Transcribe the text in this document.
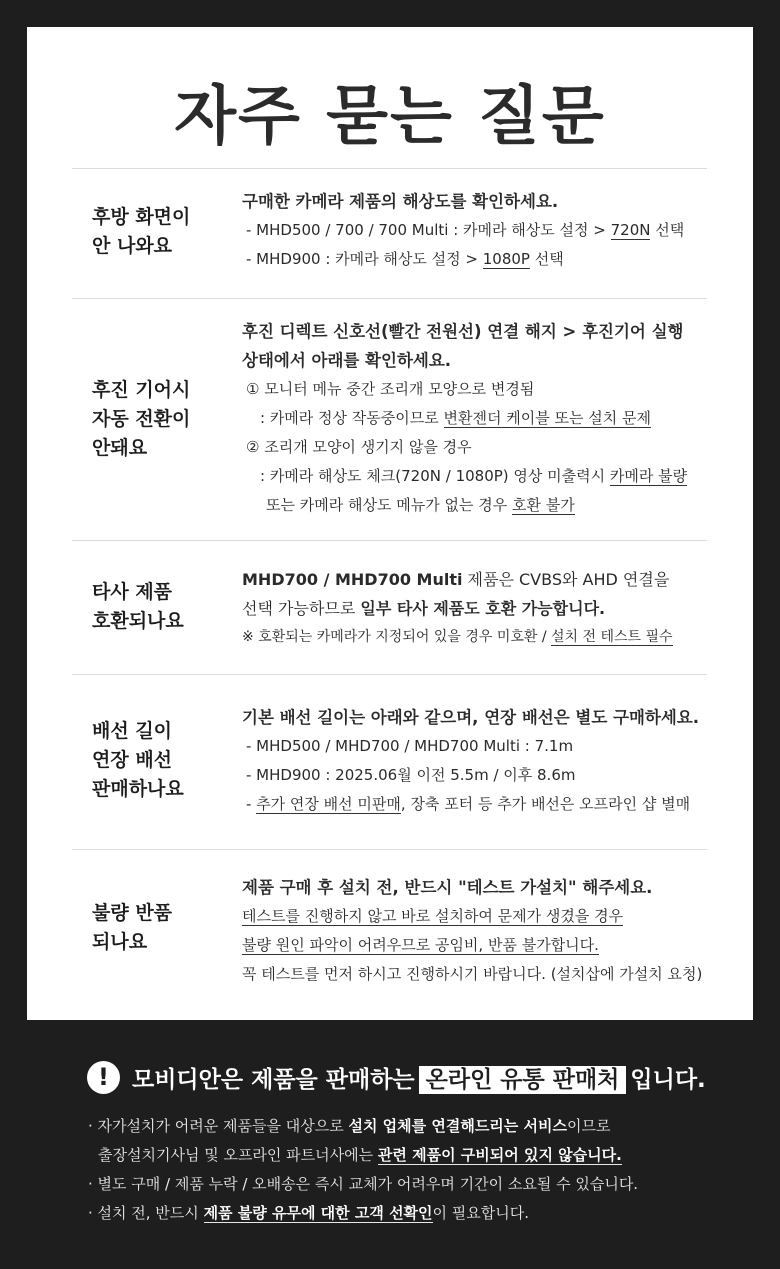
자주 묻는 질문
후방 화면이
안 나와요
구매한 카메라 제품의 해상도를 확인하세요.
- MHD500 / 700 / 700 Multi : 카메라 해상도 설정 > 720N 선택
- MHD900 : 카메라 해상도 설정 > 1080P 선택
후진 기어시
자동 전환이
안돼요
후진 디렉트 신호선(빨간 전원선) 연결 해지 > 후진기어 실행
상태에서 아래를 확인하세요.
① 모니터 메뉴 중간 조리개 모양으로 변경됨
: 카메라 정상 작동중이므로 변환젠더 케이블 또는 설치 문제
② 조리개 모양이 생기지 않을 경우
: 카메라 해상도 체크(720N / 1080P) 영상 미출력시 카메라 불량
또는 카메라 해상도 메뉴가 없는 경우 호환 불가
타사 제품
호환되나요
MHD700 / MHD700 Multi 제품은 CVBS와 AHD 연결을
선택 가능하므로 일부 타사 제품도 호환 가능합니다.
※ 호환되는 카메라가 지정되어 있을 경우 미호환 / 설치 전 테스트 필수
배선 길이
연장 배선
판매하나요
기본 배선 길이는 아래와 같으며, 연장 배선은 별도 구매하세요.
- MHD500 / MHD700 / MHD700 Multi : 7.1m
- MHD900 : 2025.06월 이전 5.5m / 이후 8.6m
- 추가 연장 배선 미판매, 장축 포터 등 추가 배선은 오프라인 샵 별매
불량 반품
되나요
제품 구매 후 설치 전, 반드시 "테스트 가설치" 해주세요.
테스트를 진행하지 않고 바로 설치하여 문제가 생겼을 경우
불량 원인 파악이 어려우므로 공임비, 반품 불가합니다.
꼭 테스트를 먼저 하시고 진행하시기 바랍니다. (설치삽에 가설치 요청)
!	모비디안은 제품을 판매하는 온라인 유통 판매처 입니다.
· 자가설치가 어려운 제품들을 대상으로 설치 업체를 연결해드리는 서비스이므로
출장설치기사님 및 오프라인 파트너사에는 관련 제품이 구비되어 있지 않습니다.
· 별도 구매 / 제품 누락 / 오배송은 즉시 교체가 어려우며 기간이 소요될 수 있습니다.
· 설치 전, 반드시 제품 불량 유무에 대한 고객 선확인이 필요합니다.
